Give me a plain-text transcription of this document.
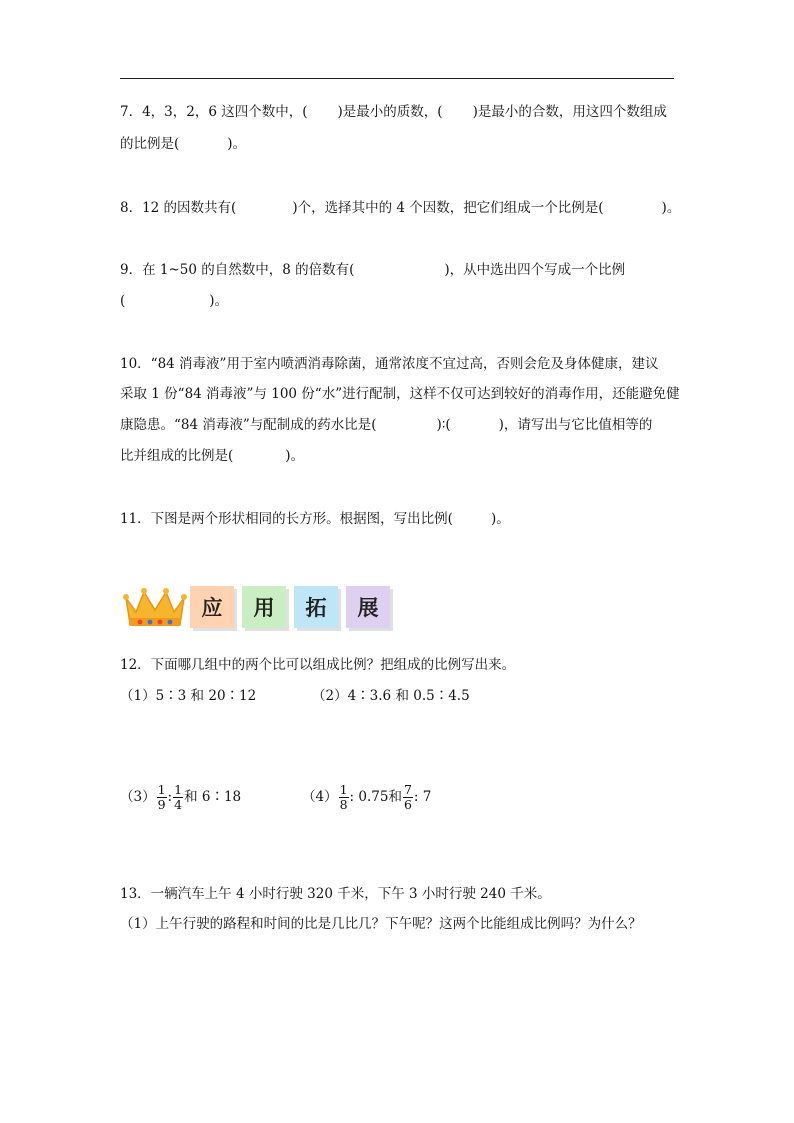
7．4，3，2，6 这四个数中，( )是最小的质数，( )是最小的合数，用这四个数组成
的比例是(	)。
8．12 的因数共有(	)个，选择其中的 4 个因数，把它们组成一个比例是(	)。
9．在 1~50 的自然数中，8 的倍数有(	)，从中选出四个写成一个比例
(	)。
10．“84 消毒液”用于室内喷洒消毒除菌，通常浓度不宜过高，否则会危及身体健康，建议
采取 1 份“84 消毒液”与 100 份“水”进行配制，这样不仅可达到较好的消毒作用，还能避免健
康隐患。“84 消毒液”与配制成的药水比是(	)∶(	)，请写出与它比值相等的
比并组成的比例是(	)。
11．下图是两个形状相同的长方形。根据图，写出比例(	)。
应	用	拓	展
12．下面哪几组中的两个比可以组成比例？把组成的比例写出来。
（1）5∶3 和 20∶12	（2）4∶3.6 和 0.5∶4.5
$(3) \frac{1}{9}$ : $\frac{1}{4}$ 和 6∶18	$(4) \frac{1}{8}$ : 0.75和 $\frac{7}{6}$ : 7
13．一辆汽车上午 4 小时行驶 320 千米，下午 3 小时行驶 240 千米。
（1）上午行驶的路程和时间的比是几比几？下午呢？这两个比能组成比例吗？为什么？
